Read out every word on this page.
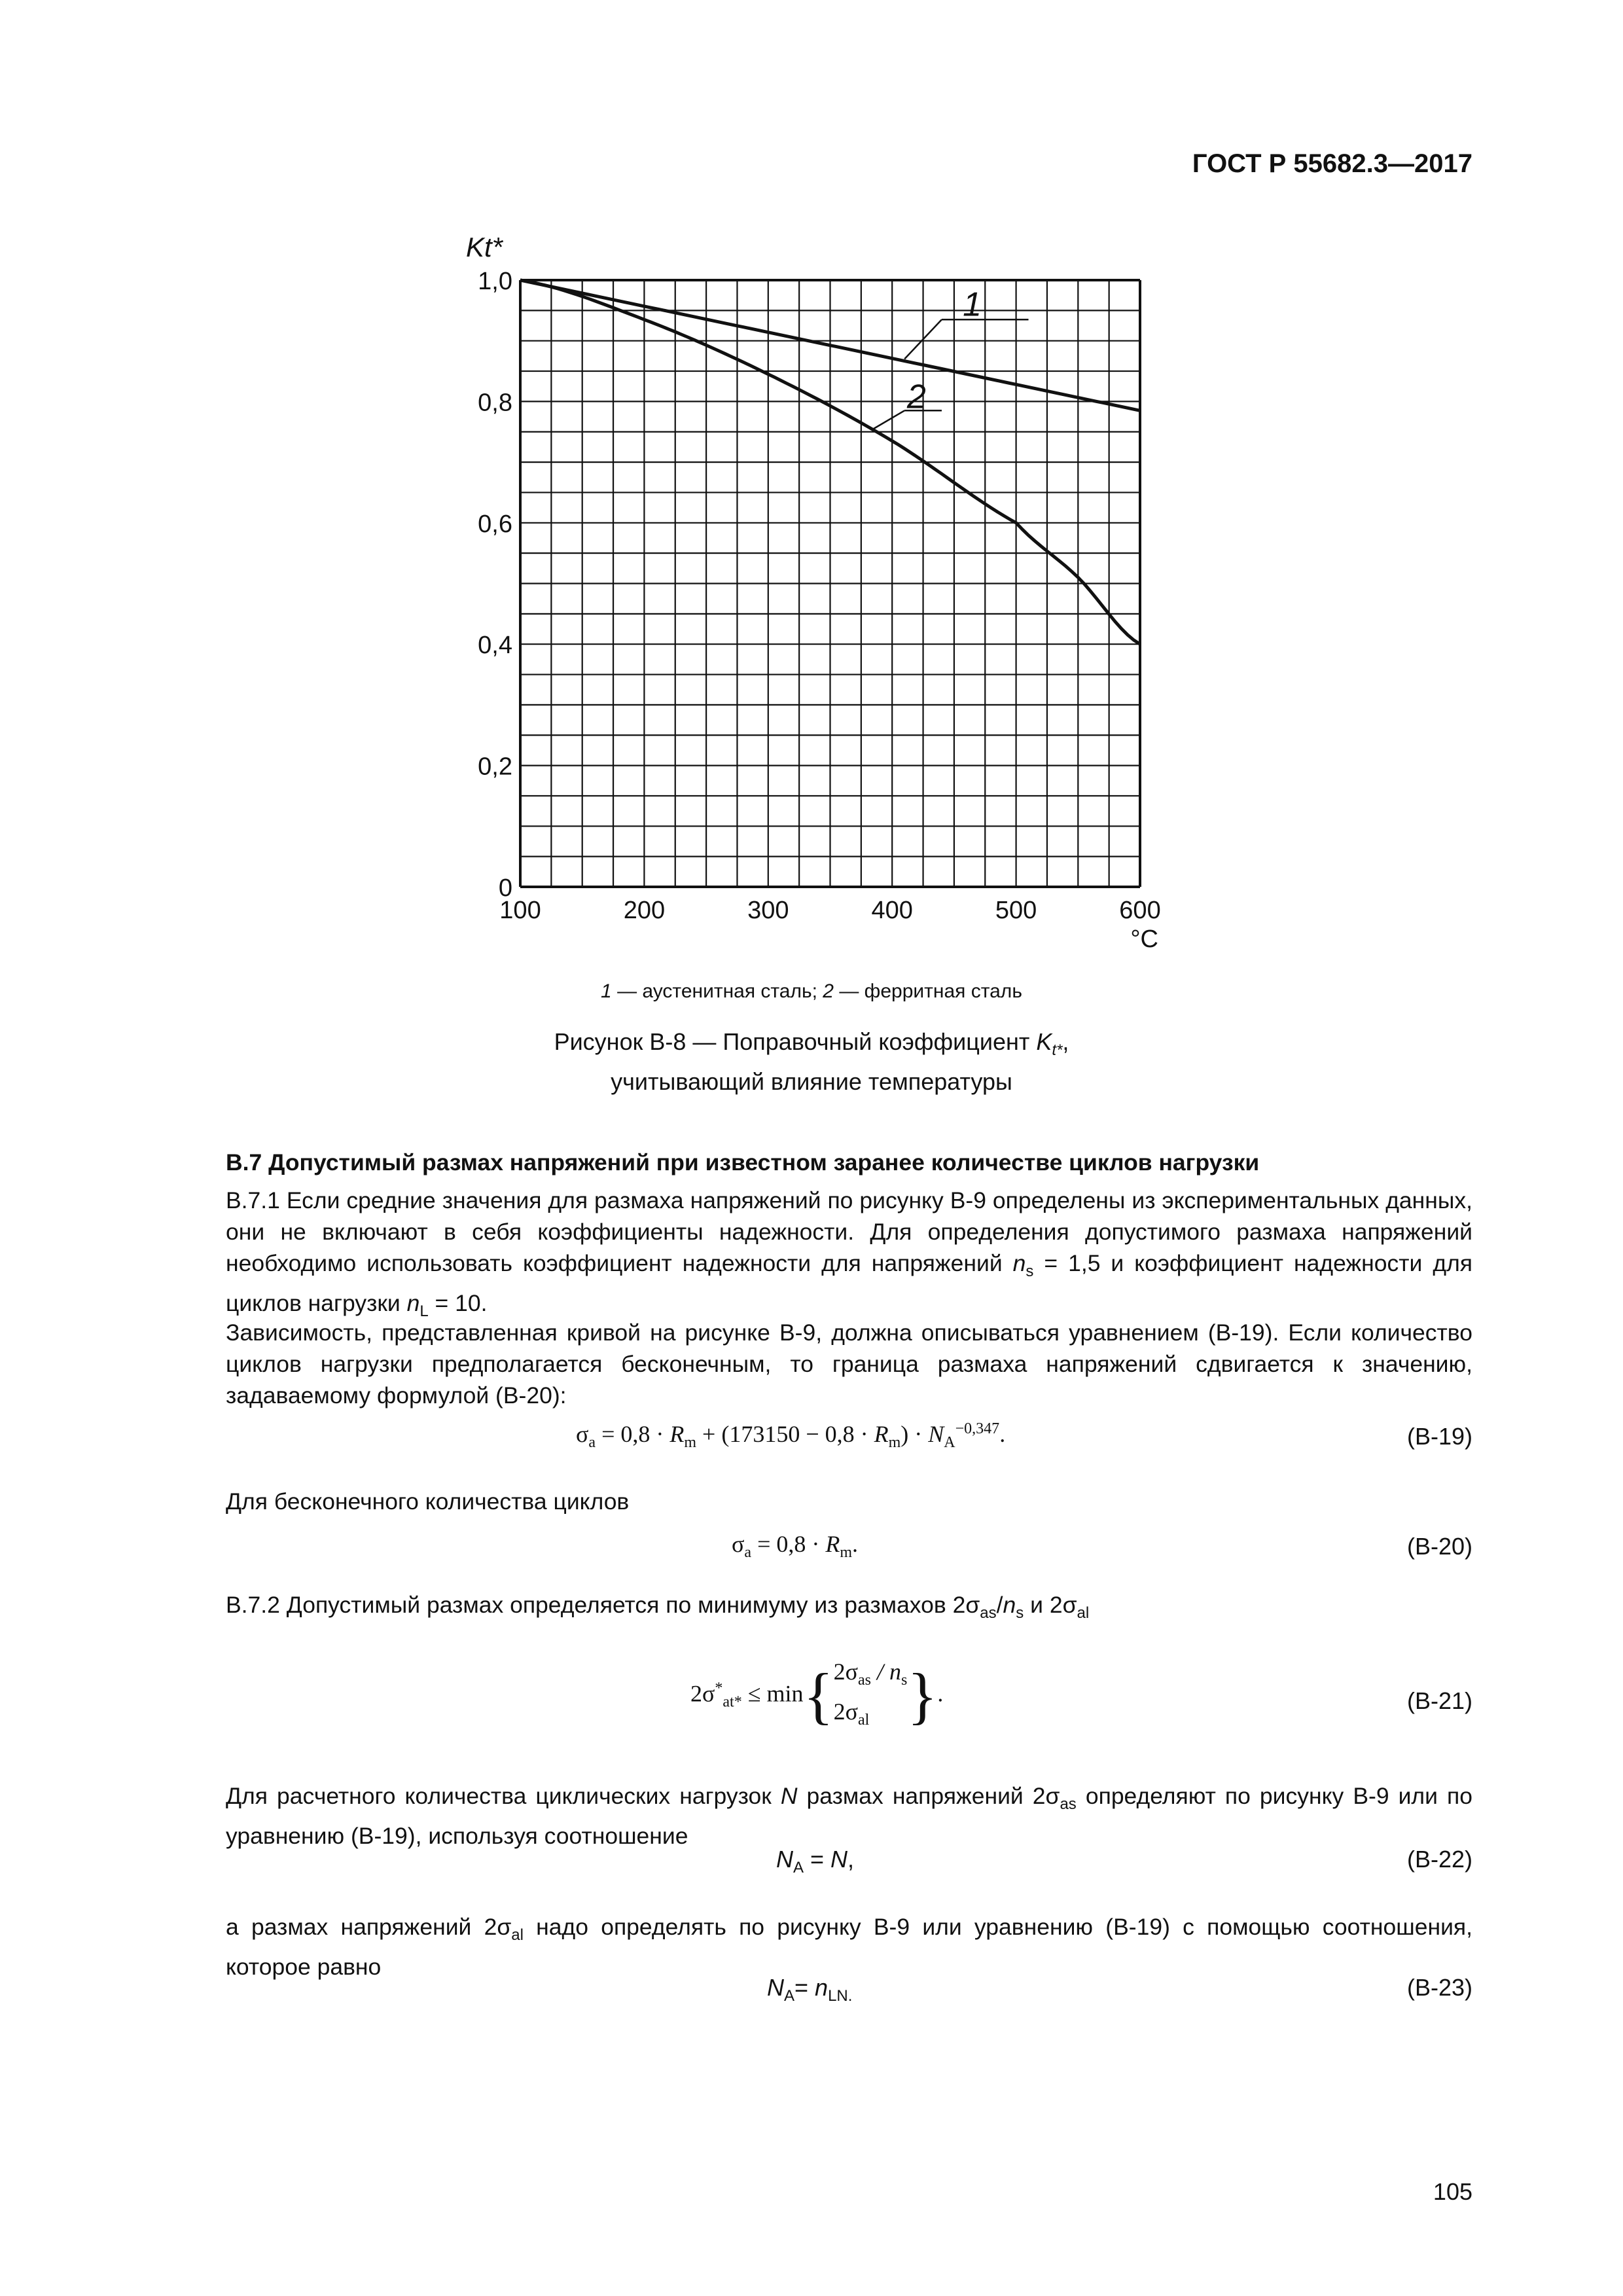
ГОСТ Р 55682.3—2017
100	200	300	400	500	600
0
0,2
0,4
0,6
0,8
1,0
Kt*
°С
1
2
1 — аустенитная сталь; 2 — ферритная сталь
Рисунок В-8 — Поправочный коэффициент $K_{t*}$,
учитывающий влияние температуры
В.7 Допустимый размах напряжений при известном заранее количестве циклов нагрузки
В.7.1 Если средние значения для размаха напряжений по рисунку В-9 определены из экспериментальных данных, они не включают в себя коэффициенты надежности. Для определения допустимого размаха напряжений необходимо использовать коэффициент надежности для напряжений $n_s = 1,5$ и коэффициент надежности для циклов нагрузки $n_L = 10$.
Зависимость, представленная кривой на рисунке В-9, должна описываться уравнением (В-19). Если количество циклов нагрузки предполагается бесконечным, то граница размаха напряжений сдвигается к значению, задаваемому формулой (В-20):
$\sigma_a = 0,8 \cdot R_m + (173150 - 0,8 \cdot R_m) \cdot N_A^{-0,347}$.	(В-19)
Для бесконечного количества циклов
$\sigma_a = 0,8 \cdot R_m$.	(В-20)
В.7.2 Допустимый размах определяется по минимуму из размахов $2\sigma_{as}/n_s$ и $2\sigma_{al}$
$2\sigma^*_{at*} \le \min\{2\sigma_{as} / n_s$
$2\sigma_{al}$ }.	(В-21)
Для расчетного количества циклических нагрузок N размах напряжений $2\sigma_{as}$ определяют по рисунку В-9 или по уравнению (В-19), используя соотношение
$N_A = N$,	(В-22)
а размах напряжений $2\sigma_{al}$ надо определять по рисунку В-9 или уравнению (В-19) с помощью соотношения, которое равно
$N_A= n_{LN.}$	(В-23)
105
